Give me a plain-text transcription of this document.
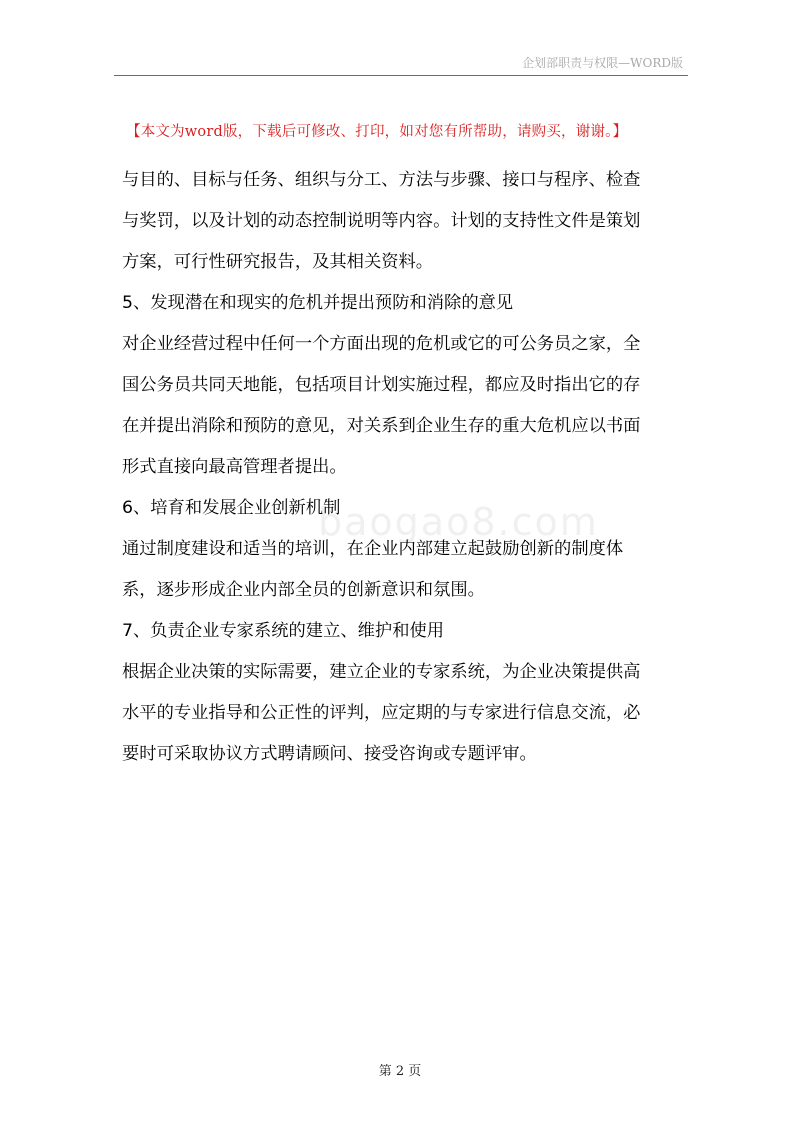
企划部职责与权限—WORD版
【本文为word版，下载后可修改、打印，如对您有所帮助，请购买，谢谢。】
baogao8.com

与目的、目标与任务、组织与分工、方法与步骤、接口与程序、检查
与奖罚，以及计划的动态控制说明等内容。计划的支持性文件是策划
方案，可行性研究报告，及其相关资料。

5、发现潜在和现实的危机并提出预防和消除的意见

对企业经营过程中任何一个方面出现的危机或它的可公务员之家，全
国公务员共同天地能，包括项目计划实施过程，都应及时指出它的存
在并提出消除和预防的意见，对关系到企业生存的重大危机应以书面
形式直接向最高管理者提出。

6、培育和发展企业创新机制

通过制度建设和适当的培训，在企业内部建立起鼓励创新的制度体
系，逐步形成企业内部全员的创新意识和氛围。

7、负责企业专家系统的建立、维护和使用

根据企业决策的实际需要，建立企业的专家系统，为企业决策提供高
水平的专业指导和公正性的评判，应定期的与专家进行信息交流，必
要时可采取协议方式聘请顾问、接受咨询或专题评审。

第 2 页
